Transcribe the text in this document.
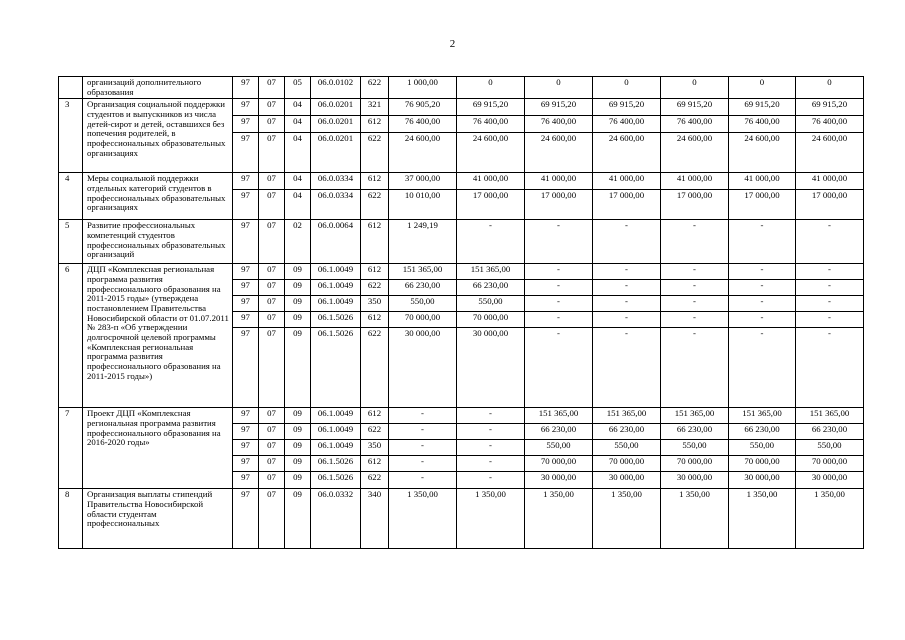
2
	организаций дополнительного образования	97	07	05	06.0.0102	622	1 000,00	0	0	0	0	0	0
3	Организация социальной поддержки студентов и выпускников из числа детей-сирот и детей, оставшихся без попечения родителей, в профессиональных образовательных организациях	97	07	04	06.0.0201	321	76 905,20	69 915,20	69 915,20	69 915,20	69 915,20	69 915,20	69 915,20
		97	07	04	06.0.0201	612	76 400,00	76 400,00	76 400,00	76 400,00	76 400,00	76 400,00	76 400,00
		97	07	04	06.0.0201	622	24 600,00	24 600,00	24 600,00	24 600,00	24 600,00	24 600,00	24 600,00
4	Меры социальной поддержки отдельных категорий студентов в профессиональных образовательных организациях	97	07	04	06.0.0334	612	37 000,00	41 000,00	41 000,00	41 000,00	41 000,00	41 000,00	41 000,00
		97	07	04	06.0.0334	622	10 010,00	17 000,00	17 000,00	17 000,00	17 000,00	17 000,00	17 000,00
5	Развитие профессиональных компетенций студентов профессиональных образовательных организаций	97	07	02	06.0.0064	612	1 249,19	-	-	-	-	-	-
6	ДЦП «Комплексная региональная программа развития профессионального образования на 2011-2015 годы» (утверждена постановлением Правительства Новосибирской области от 01.07.2011 № 283-п «Об утверждении долгосрочной целевой программы «Комплексная региональная программа развития профессионального образования на 2011-2015 годы»)	97	07	09	06.1.0049	612	151 365,00	151 365,00	-	-	-	-	-
		97	07	09	06.1.0049	622	66 230,00	66 230,00	-	-	-	-	-
		97	07	09	06.1.0049	350	550,00	550,00	-	-	-	-	-
		97	07	09	06.1.5026	612	70 000,00	70 000,00	-	-	-	-	-
		97	07	09	06.1.5026	622	30 000,00	30 000,00	-	-	-	-	-
7	Проект ДЦП «Комплексная региональная программа развития профессионального образования на 2016-2020 годы»	97	07	09	06.1.0049	612	-	-	151 365,00	151 365,00	151 365,00	151 365,00	151 365,00
		97	07	09	06.1.0049	622	-	-	66 230,00	66 230,00	66 230,00	66 230,00	66 230,00
		97	07	09	06.1.0049	350	-	-	550,00	550,00	550,00	550,00	550,00
		97	07	09	06.1.5026	612	-	-	70 000,00	70 000,00	70 000,00	70 000,00	70 000,00
		97	07	09	06.1.5026	622	-	-	30 000,00	30 000,00	30 000,00	30 000,00	30 000,00
8	Организация выплаты стипендий Правительства Новосибирской области студентам профессиональных	97	07	09	06.0.0332	340	1 350,00	1 350,00	1 350,00	1 350,00	1 350,00	1 350,00	1 350,00
